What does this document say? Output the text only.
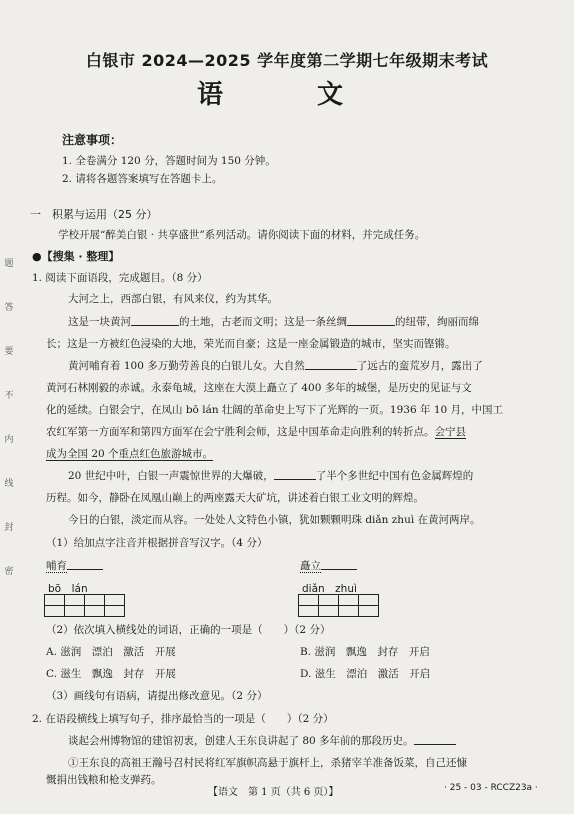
题
答
要
不
内
线
封
密
白银市 2024—2025 学年度第二学期七年级期末考试
语　文
注意事项：
1. 全卷满分 120 分，答题时间为 150 分钟。
2. 请将各题答案填写在答题卡上。
一　积累与运用（25 分）
学校开展“醉美白银 · 共享盛世”系列活动。请你阅读下面的材料，并完成任务。
●【搜集 · 整理】
1. 阅读下面语段，完成题目。（8 分）
大河之上，西部白银，有风来仪，约为其华。
这是一块黄河	的土地，古老而文明；这是一条丝绸	的纽带，绚丽而绵
长；这是一方被红色浸染的大地，荣光而自豪；这是一座金属锻造的城市，坚实而铿锵。
黄河哺育着 100 多万勤劳善良的白银儿女。大自然	了远古的蛮荒岁月，露出了
黄河石林刚毅的赤诚。永泰龟城，这座在大漠上矗立了 400 多年的城堡，是历史的见证与文
化的延续。白银会宁，在凤山 bō lán 壮阔的革命史上写下了光辉的一页。1936 年 10 月，中国工
农红军第一方面军和第四方面军在会宁胜利会师，这是中国革命走向胜利的转折点。会宁县
成为全国 20 个重点红色旅游城市。
20 世纪中叶，白银一声震惊世界的大爆破，	了半个多世纪中国有色金属辉煌的
历程。如今，静卧在凤凰山巅上的两座露天大矿坑，讲述着白银工业文明的辉煌。
今日的白银，淡定而从容。一处处人文特色小镇，犹如颗颗明珠 diǎn zhuì 在黄河两岸。
（1）给加点字注音并根据拼音写汉字。（4 分）
哺育	矗立
bō　lán	diǎn　zhuì
（2）依次填入横线处的词语，正确的一项是（　　）（2 分）
A. 滋润　漂泊　激活　开展	B. 滋润　飘逸　封存　开启
C. 滋生　飘逸　封存　开展	D. 滋生　漂泊　激活　开启
（3）画线句有语病，请提出修改意见。（2 分）
2. 在语段横线上填写句子，排序最恰当的一项是（　　）（2 分）
谈起会州博物馆的建馆初衷，创建人王东良讲起了 80 多年前的那段历史。
①王东良的高祖王瀚号召村民将红军旗帜高悬于旗杆上，杀猪宰羊准备饭菜，自己还慷
慨捐出钱粮和枪支弹药。
【语文　第 1 页（共 6 页）】	· 25 - 03 - RCCZ23a ·
